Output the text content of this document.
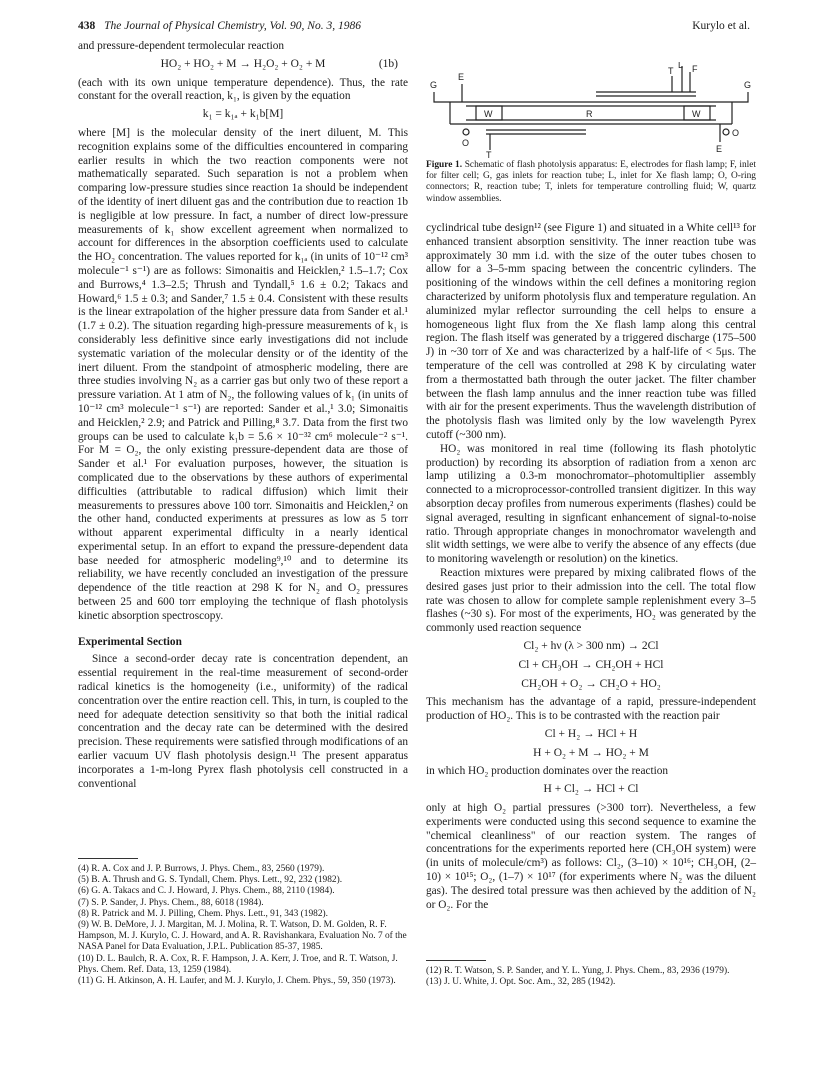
438 The Journal of Physical Chemistry, Vol. 90, No. 3, 1986	Kurylo et al.

and pressure-dependent termolecular reaction

HO₂ + HO₂ + M → H₂O₂ + O₂ + M	(1b)

(each with its own unique temperature dependence). Thus, the rate constant for the overall reaction, k₁, is given by the equation

k₁ = k₁ₐ + k₁b[M]

where [M] is the molecular density of the inert diluent, M. This recognition explains some of the difficulties encountered in comparing earlier results in which the two reaction components were not mathematically separated. Such separation is not a problem when comparing low-pressure studies since reaction 1a should be independent of the identity of inert diluent gas and the contribution due to reaction 1b is negligible at low pressure. In fact, a number of direct low-pressure measurements of k₁ show excellent agreement when normalized to account for differences in the absorption coefficients used to calculate the HO₂ concentration. The values reported for k₁ₐ (in units of 10⁻¹² cm³ molecule⁻¹ s⁻¹) are as follows: Simonaitis and Heicklen,² 1.5–1.7; Cox and Burrows,⁴ 1.3–2.5; Thrush and Tyndall,⁵ 1.6 ± 0.2; Takacs and Howard,⁶ 1.5 ± 0.3; and Sander,⁷ 1.5 ± 0.4. Consistent with these results is the linear extrapolation of the higher pressure data from Sander et al.¹ (1.7 ± 0.2). The situation regarding high-pressure measurements of k₁ is considerably less definitive since early investigations did not include systematic variation of the molecular density or of the identity of the inert diluent. From the standpoint of atmospheric modeling, there are three studies involving N₂ as a carrier gas but only two of these report a pressure variation. At 1 atm of N₂, the following values of k₁ (in units of 10⁻¹² cm³ molecule⁻¹ s⁻¹) are reported: Sander et al.,¹ 3.0; Simonaitis and Heicklen,² 2.9; and Patrick and Pilling,⁸ 3.7. Data from the first two groups can be used to calculate k₁b = 5.6 × 10⁻³² cm⁶ molecule⁻² s⁻¹. For M = O₂, the only existing pressure-dependent data are those of Sander et al.¹ For evaluation purposes, however, the situation is complicated due to the observations by these authors of experimental difficulties (attributable to radical diffusion) which limit their measurements to pressures above 100 torr. Simonaitis and Heicklen,² on the other hand, conducted experiments at pressures as low as 5 torr without apparent experimental difficulty in a nearly identical experimental setup. In an effort to expand the pressure-dependent data base needed for atmospheric modeling⁹,¹⁰ and to determine its reliability, we have recently concluded an investigation of the pressure dependence of the title reaction at 298 K for N₂ and O₂ pressures between 25 and 600 torr employing the technique of flash photolysis kinetic absorption spectroscopy.

Experimental Section

Since a second-order decay rate is concentration dependent, an essential requirement in the real-time measurement of second-order radical kinetics is the homogeneity (i.e., uniformity) of the radical concentration over the entire reaction cell. This, in turn, is coupled to the need for adequate detection sensitivity so that both the initial radical concentration and the decay rate can be determined with the desired precision. These requirements were satisfied through modifications of an earlier vacuum UV flash photolysis design.¹¹ The present apparatus incorporates a 1-m-long Pyrex flash photolysis cell constructed in a conventional

(4) R. A. Cox and J. P. Burrows, J. Phys. Chem., 83, 2560 (1979).
(5) B. A. Thrush and G. S. Tyndall, Chem. Phys. Lett., 92, 232 (1982).
(6) G. A. Takacs and C. J. Howard, J. Phys. Chem., 88, 2110 (1984).
(7) S. P. Sander, J. Phys. Chem., 88, 6018 (1984).
(8) R. Patrick and M. J. Pilling, Chem. Phys. Lett., 91, 343 (1982).
(9) W. B. DeMore, J. J. Margitan, M. J. Molina, R. T. Watson, D. M. Golden, R. F. Hampson, M. J. Kurylo, C. J. Howard, and A. R. Ravishankara, Evaluation No. 7 of the NASA Panel for Data Evaluation, J.P.L. Publication 85-37, 1985.
(10) D. L. Baulch, R. A. Cox, R. F. Hampson, J. A. Kerr, J. Troe, and R. T. Watson, J. Phys. Chem. Ref. Data, 13, 1259 (1984).
(11) G. H. Atkinson, A. H. Laufer, and M. J. Kurylo, J. Chem. Phys., 59, 350 (1973).
G
E
W	R	W
T
L F
G
O
O
T
E
Figure 1. Schematic of flash photolysis apparatus: E, electrodes for flash lamp; F, inlet for filter cell; G, gas inlets for reaction tube; L, inlet for Xe flash lamp; O, O-ring connectors; R, reaction tube; T, inlets for temperature controlling fluid; W, quartz window assemblies.

cyclindrical tube design¹² (see Figure 1) and situated in a White cell¹³ for enhanced transient absorption sensitivity. The inner reaction tube was approximately 30 mm i.d. with the size of the outer tubes chosen to allow for a 3–5-mm spacing between the concentric cylinders. The positioning of the windows within the cell defines a monitoring region characterized by uniform photolysis flux and temperature regulation. An aluminized mylar reflector surrounding the cell helps to ensure a homogeneous light flux from the Xe flash lamp along this central region. The flash itself was generated by a triggered discharge (175–500 J) in ~30 torr of Xe and was characterized by a half-life of < 5μs. The temperature of the cell was controlled at 298 K by circulating water from a thermostatted bath through the outer jacket. The filter chamber between the flash lamp annulus and the inner reaction tube was filled with air for the present experiments. Thus the wavelength distribution of the photolysis flash was limited only by the low wavelength Pyrex cutoff (~300 nm).

HO₂ was monitored in real time (following its flash photolytic production) by recording its absorption of radiation from a xenon arc lamp utilizing a 0.3-m monochromator–photomultiplier assembly connected to a microprocessor-controlled transient digitizer. In this way absorption decay profiles from numerous experiments (flashes) could be signal averaged, resulting in signficant enhancement of signal-to-noise ratio. Through appropriate changes in monochromator wavelength and slit width settings, we were albe to verify the absence of any effects (due to monitoring wavelength or resolution) on the kinetics.

Reaction mixtures were prepared by mixing calibrated flows of the desired gases just prior to their admission into the cell. The total flow rate was chosen to allow for complete sample replenishment every 3–5 flashes (~30 s). For most of the experiments, HO₂ was generated by the commonly used reaction sequence

Cl₂ + hν (λ > 300 nm) → 2Cl
Cl + CH₃OH → CH₂OH + HCl
CH₂OH + O₂ → CH₂O + HO₂

This mechanism has the advantage of a rapid, pressure-independent production of HO₂. This is to be contrasted with the reaction pair

Cl + H₂ → HCl + H
H + O₂ + M → HO₂ + M

in which HO₂ production dominates over the reaction

H + Cl₂ → HCl + Cl

only at high O₂ partial pressures (>300 torr). Nevertheless, a few experiments were conducted using this second sequence to examine the "chemical cleanliness" of our reaction system. The ranges of concentrations for the experiments reported here (CH₃OH system) were (in units of molecule/cm³) as follows: Cl₂, (3–10) × 10¹⁶; CH₃OH, (2–10) × 10¹⁵; O₂, (1–7) × 10¹⁷ (for experiments where N₂ was the diluent gas). The desired total pressure was then achieved by the addition of N₂ or O₂. For the

(12) R. T. Watson, S. P. Sander, and Y. L. Yung, J. Phys. Chem., 83, 2936 (1979).
(13) J. U. White, J. Opt. Soc. Am., 32, 285 (1942).
